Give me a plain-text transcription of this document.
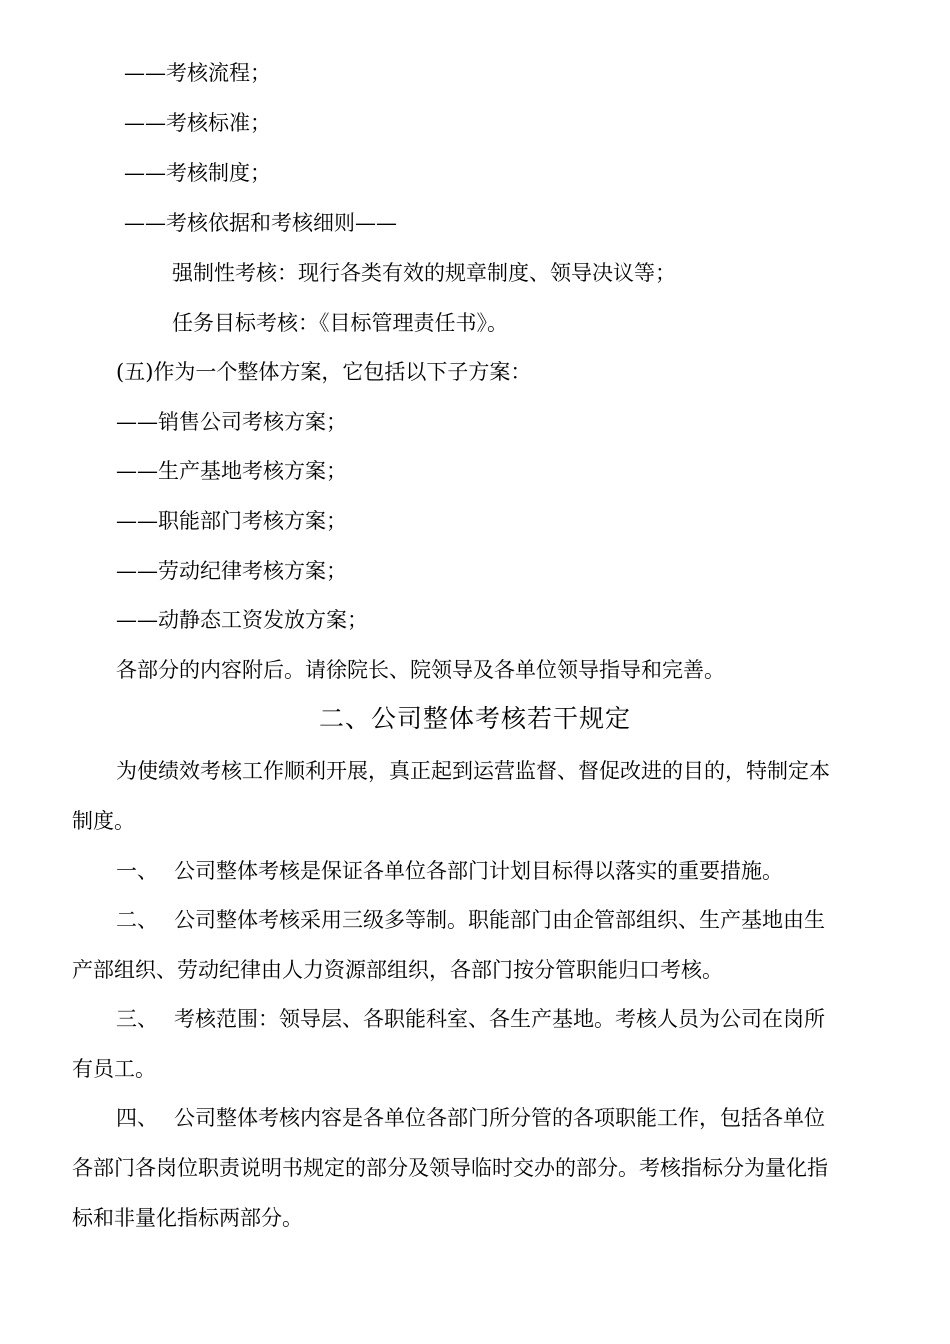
——考核流程；
——考核标准；
——考核制度；
——考核依据和考核细则——
强制性考核：现行各类有效的规章制度、领导决议等；
任务目标考核：《目标管理责任书》。
(五)作为一个整体方案，它包括以下子方案：
——销售公司考核方案；
——生产基地考核方案；
——职能部门考核方案；
——劳动纪律考核方案；
——动静态工资发放方案；
各部分的内容附后。请徐院长、院领导及各单位领导指导和完善。
二、公司整体考核若干规定
为使绩效考核工作顺利开展，真正起到运营监督、督促改进的目的，特制定本
制度。
一、 公司整体考核是保证各单位各部门计划目标得以落实的重要措施。
二、 公司整体考核采用三级多等制。职能部门由企管部组织、生产基地由生
产部组织、劳动纪律由人力资源部组织，各部门按分管职能归口考核。
三、 考核范围：领导层、各职能科室、各生产基地。考核人员为公司在岗所
有员工。
四、 公司整体考核内容是各单位各部门所分管的各项职能工作，包括各单位
各部门各岗位职责说明书规定的部分及领导临时交办的部分。考核指标分为量化指
标和非量化指标两部分。
